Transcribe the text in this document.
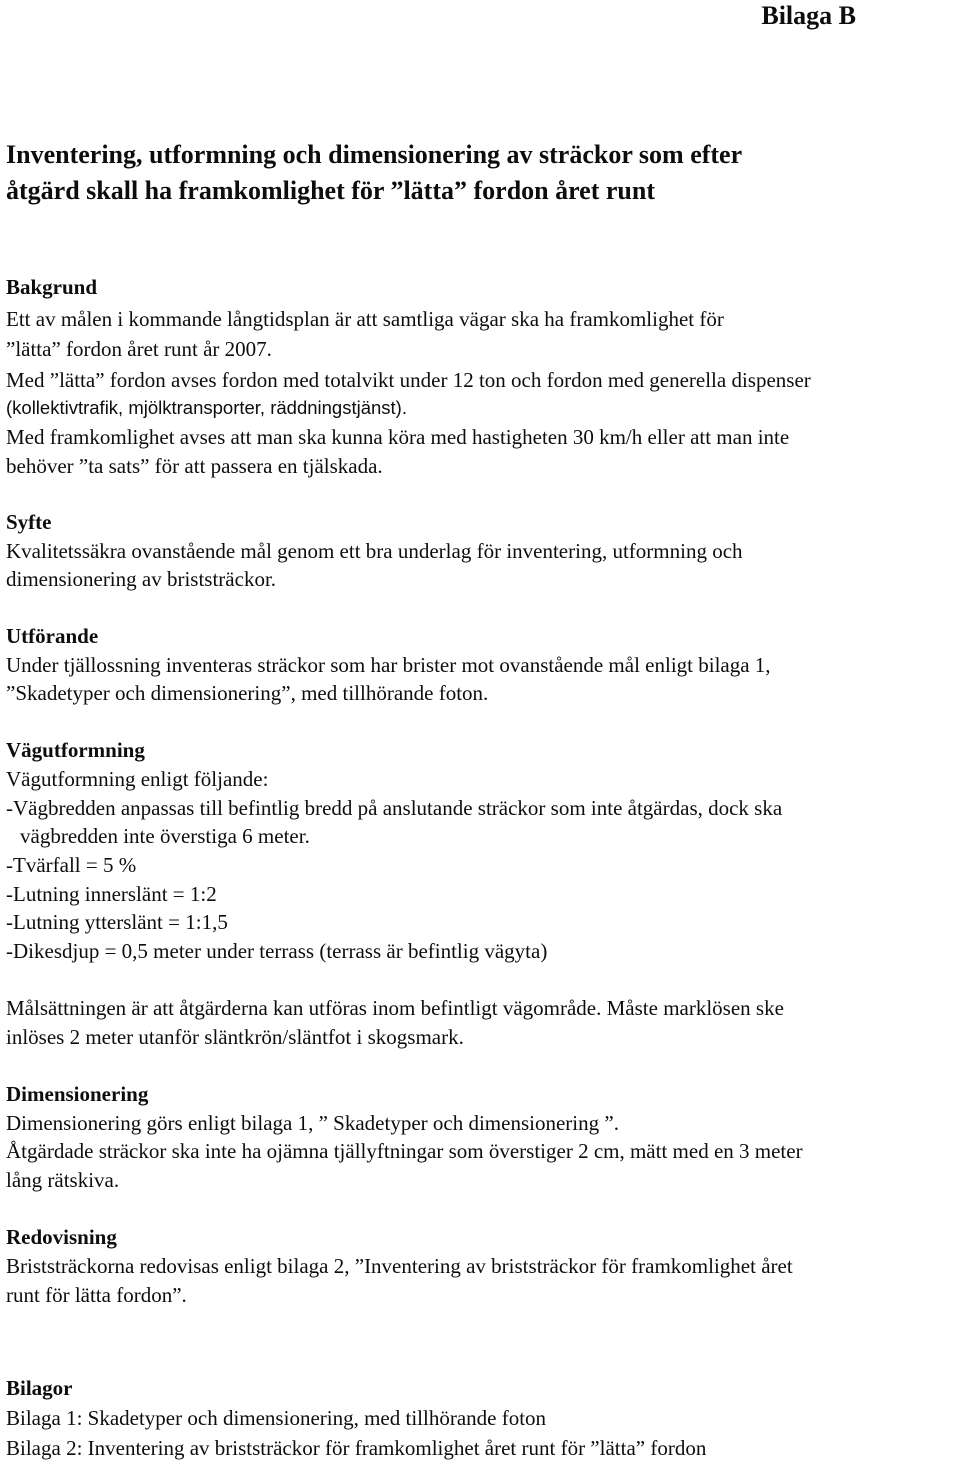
Bilaga B

Inventering, utformning och dimensionering av sträckor som efter
åtgärd skall ha framkomlighet för ”lätta” fordon året runt

Bakgrund

Ett av målen i kommande långtidsplan är att samtliga vägar ska ha framkomlighet för

”lätta” fordon året runt år 2007.

Med ”lätta” fordon avses fordon med totalvikt under 12 ton och fordon med generella dispenser

(kollektivtrafik, mjölktransporter, räddningstjänst).

Med framkomlighet avses att man ska kunna köra med hastigheten 30 km/h eller att man inte

behöver ”ta sats” för att passera en tjälskada.

Syfte

Kvalitetssäkra ovanstående mål genom ett bra underlag för inventering, utformning och

dimensionering av briststräckor.

Utförande

Under tjällossning inventeras sträckor som har brister mot ovanstående mål enligt bilaga 1,

”Skadetyper och dimensionering”, med tillhörande foton.

Vägutformning

Vägutformning enligt följande:

-Vägbredden anpassas till befintlig bredd på anslutande sträckor som inte åtgärdas, dock ska

vägbredden inte överstiga 6 meter.

-Tvärfall = 5 %

-Lutning innerslänt = 1:2

-Lutning ytterslänt = 1:1,5

-Dikesdjup = 0,5 meter under terrass (terrass är befintlig vägyta)

Målsättningen är att åtgärderna kan utföras inom befintligt vägområde. Måste marklösen ske

inlöses 2 meter utanför släntkrön/släntfot i skogsmark.

Dimensionering

Dimensionering görs enligt bilaga 1, ” Skadetyper och dimensionering ”.

Åtgärdade sträckor ska inte ha ojämna tjällyftningar som överstiger 2 cm, mätt med en 3 meter

lång rätskiva.

Redovisning

Briststräckorna redovisas enligt bilaga 2, ”Inventering av briststräckor för framkomlighet året

runt för lätta fordon”.

Bilagor

Bilaga 1: Skadetyper och dimensionering, med tillhörande foton

Bilaga 2: Inventering av briststräckor för framkomlighet året runt för ”lätta” fordon
